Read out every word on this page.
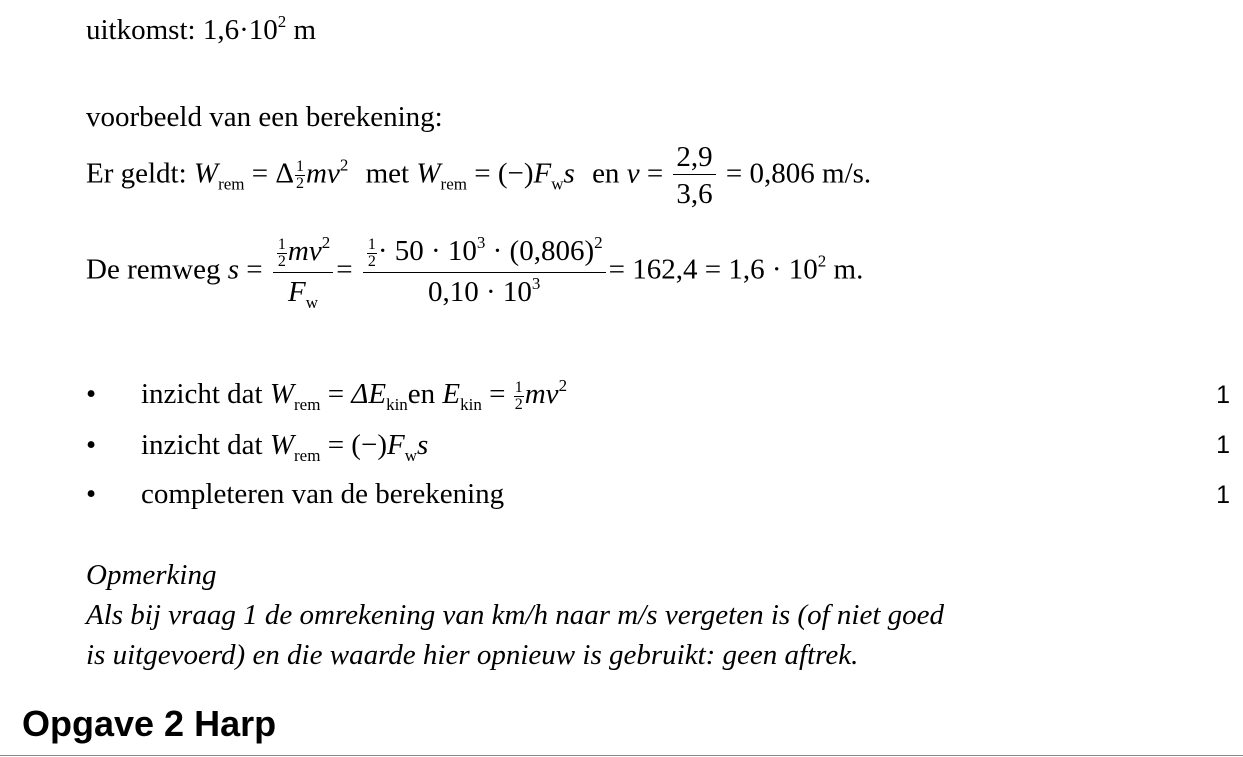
uitkomst: $1,6\cdot 10^2$ m
voorbeeld van een berekening:
Er geldt: $W_{rem} = \Delta \frac{1}{2} mv^2$ met $W_{rem} = (-)F_ws$ en $v = \frac{2,9}{3,6} = 0,806$ m/s.
De remweg $s = \frac{\frac{1}{2} mv^2}{F_w} = \frac{\frac{1}{2} \cdot 50 \cdot 10^3 \cdot (0,806)^2}{0,10 \cdot 10^3} = 162,4 = 1,6 \cdot 10^2$ m.
• inzicht dat $W_{rem} = \Delta E_{kin}en$ $E_{kin} = \frac{1}{2} mv^2$	1
• inzicht dat $W_{rem} = (-)F_ws$	1
• completeren van de berekening	1
Opmerking
Als bij vraag 1 de omrekening van km/h naar m/s vergeten is (of niet goed
is uitgevoerd) en die waarde hier opnieuw is gebruikt: geen aftrek.
Opgave 2 Harp
